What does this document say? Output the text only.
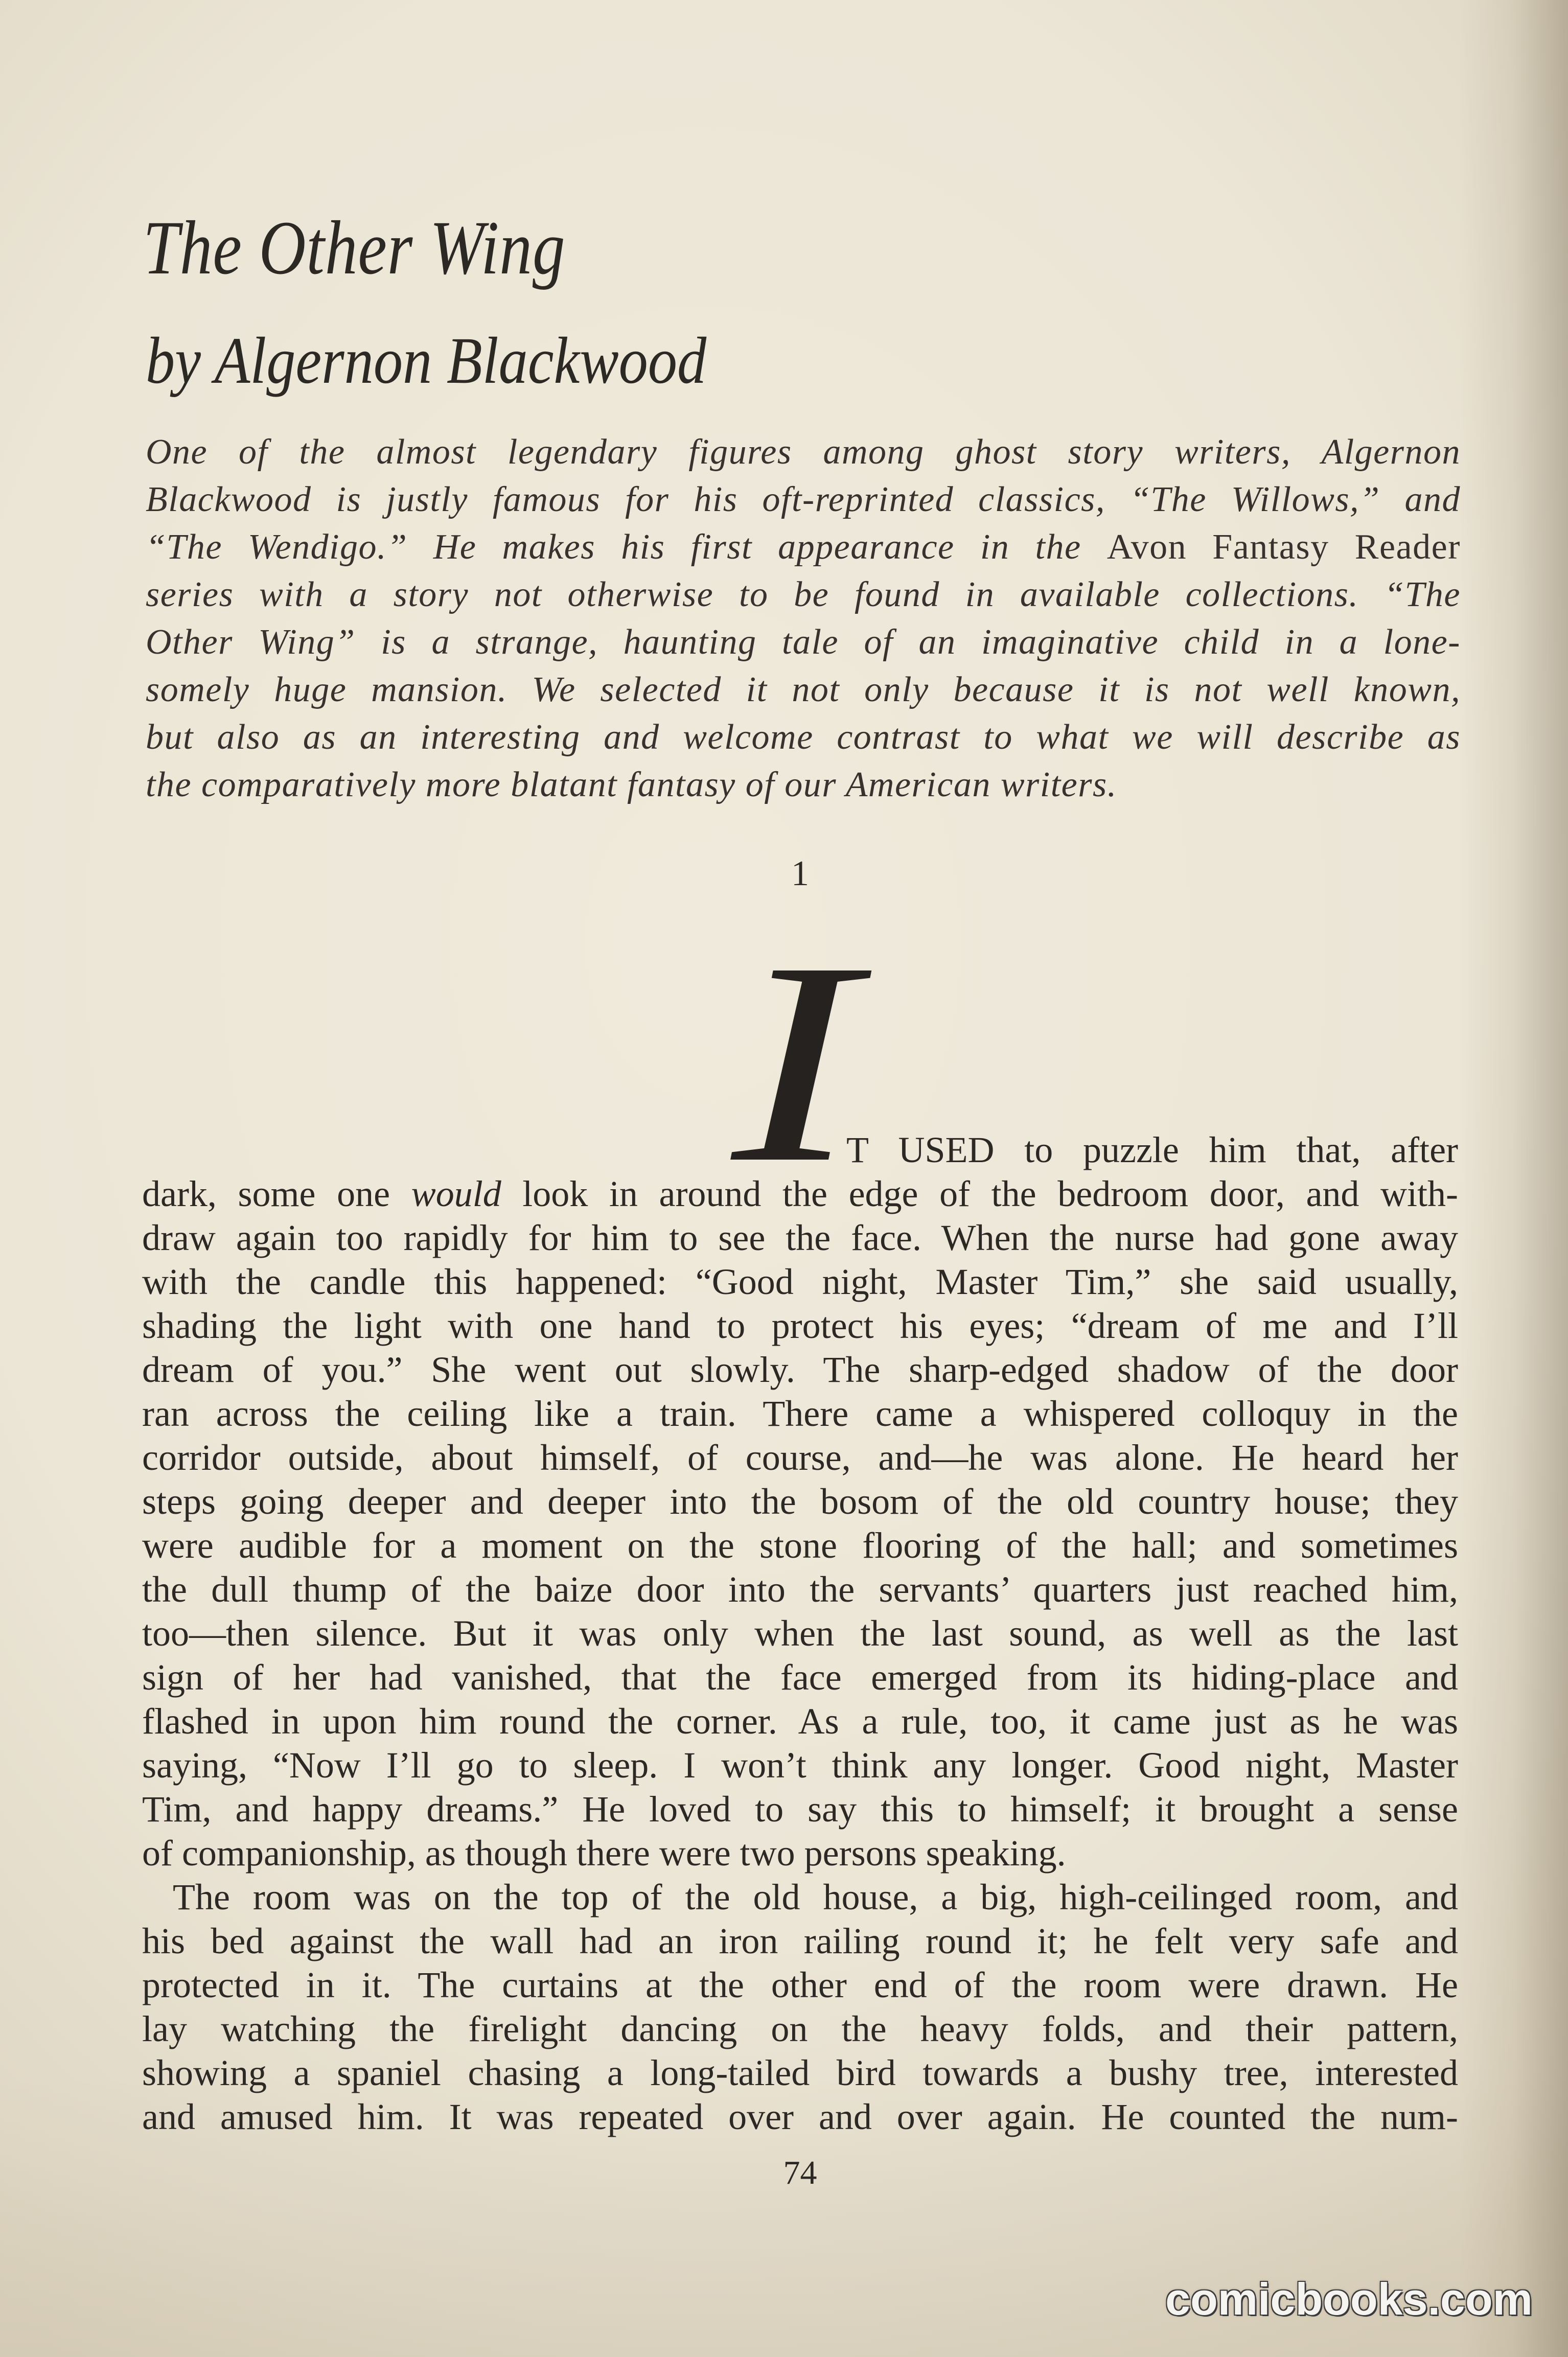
The Other Wing
by Algernon Blackwood
One of the almost legendary figures among ghost story writers, Algernon
Blackwood is justly famous for his oft-reprinted classics, “The Willows,” and
“The Wendigo.” He makes his first appearance in the Avon Fantasy Reader
series with a story not otherwise to be found in available collections. “The
Other Wing” is a strange, haunting tale of an imaginative child in a lone-
somely huge mansion. We selected it not only because it is not well known,
but also as an interesting and welcome contrast to what we will describe as
the comparatively more blatant fantasy of our American writers.
1
I
T USED to puzzle him that, after
dark, some one would look in around the edge of the bedroom door, and with-
draw again too rapidly for him to see the face. When the nurse had gone away
with the candle this happened: “Good night, Master Tim,” she said usually,
shading the light with one hand to protect his eyes; “dream of me and I’ll
dream of you.” She went out slowly. The sharp-edged shadow of the door
ran across the ceiling like a train. There came a whispered colloquy in the
corridor outside, about himself, of course, and—he was alone. He heard her
steps going deeper and deeper into the bosom of the old country house; they
were audible for a moment on the stone flooring of the hall; and sometimes
the dull thump of the baize door into the servants’ quarters just reached him,
too—then silence. But it was only when the last sound, as well as the last
sign of her had vanished, that the face emerged from its hiding-place and
flashed in upon him round the corner. As a rule, too, it came just as he was
saying, “Now I’ll go to sleep. I won’t think any longer. Good night, Master
Tim, and happy dreams.” He loved to say this to himself; it brought a sense
of companionship, as though there were two persons speaking.
The room was on the top of the old house, a big, high-ceilinged room, and
his bed against the wall had an iron railing round it; he felt very safe and
protected in it. The curtains at the other end of the room were drawn. He
lay watching the firelight dancing on the heavy folds, and their pattern,
showing a spaniel chasing a long-tailed bird towards a bushy tree, interested
and amused him. It was repeated over and over again. He counted the num-
74
comicbooks.com
